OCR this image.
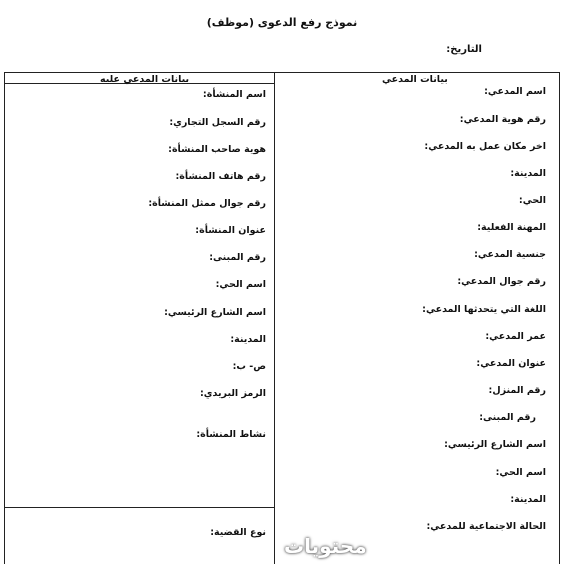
نموذج رفع الدعوى (موظف)
التاريخ:
بيانات المدعي
بيانات المدعي عليه
اسم المدعي:
رقم هوية المدعي:
اخر مكان عمل به المدعي:
المدينة:
الحي:
المهنة الفعلية:
جنسية المدعي:
رقم جوال المدعي:
اللغة التي يتحدثها المدعي:
عمر المدعي:
عنوان المدعي:
رقم المنزل:
رقم المبنى:
اسم الشارع الرئيسي:
اسم الحي:
المدينة:
الحالة الاجتماعية للمدعي:
اسم المنشأة:
رقم السجل التجاري:
هوية صاحب المنشأة:
رقم هاتف المنشأة:
رقم جوال ممثل المنشأة:
عنوان المنشأة:
رقم المبنى:
اسم الحي:
اسم الشارع الرئيسي:
المدينة:
ص- ب:
الرمز البريدي:
نشاط المنشأة:
نوع القضية:
محتويات
